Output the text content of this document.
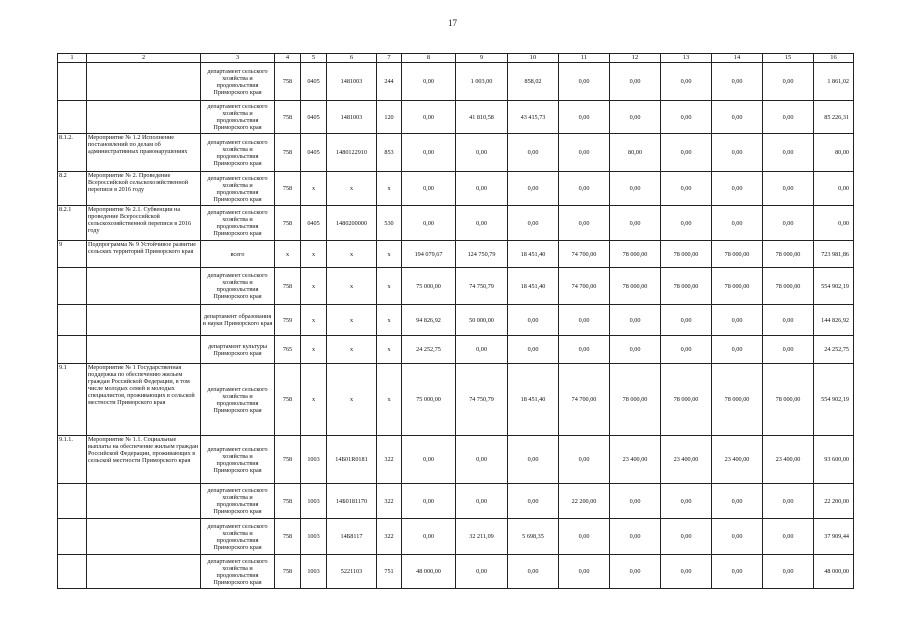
17
1	2	3	4	5	6	7	8	9	10	11	12	13	14	15	16
		департамент сельского хозяйства и продовольствия Приморского края	758	0405	1481003	244	0,00	1 003,00	858,02	0,00	0,00	0,00	0,00	0,00	1 861,02
		департамент сельского хозяйства и продовольствия Приморского края	758	0405	1481003	120	0,00	41 810,58	43 415,73	0,00	0,00	0,00	0,00	0,00	85 226,31
8.1.2.	Мероприятие № 1.2 Исполнение постановлений по делам об административных правонарушениях	департамент сельского хозяйства и продовольствия Приморского края	758	0405	1480122910	853	0,00	0,00	0,00	0,00	80,00	0,00	0,00	0,00	80,00
8.2	Мероприятие № 2. Проведение Всероссийской сельскохозяйственной переписи в 2016 году	департамент сельского хозяйства и продовольствия Приморского края	758	x	x	x	0,00	0,00	0,00	0,00	0,00	0,00	0,00	0,00	0,00
8.2.1	Мероприятие № 2.1. Субвенции на проведение Всероссийской сельскохозяйственной переписи в 2016 году	департамент сельского хозяйства и продовольствия Приморского края	758	0405	1480200000	530	0,00	0,00	0,00	0,00	0,00	0,00	0,00	0,00	0,00
9	Подпрограмма № 9 Устойчивое развитие сельских территорий Приморского края	всего	x	x	x	x	194 079,67	124 750,79	18 451,40	74 700,00	78 000,00	78 000,00	78 000,00	78 000,00	723 981,86
		департамент сельского хозяйства и продовольствия Приморского края	758	x	x	x	75 000,00	74 750,79	18 451,40	74 700,00	78 000,00	78 000,00	78 000,00	78 000,00	554 902,19
		департамент образования и науки Приморского края	759	x	x	x	94 826,92	50 000,00	0,00	0,00	0,00	0,00	0,00	0,00	144 826,92
		департамент культуры Приморского края	765	x	x	x	24 252,75	0,00	0,00	0,00	0,00	0,00	0,00	0,00	24 252,75
9.1	Мероприятие № 1 Государственная поддержка по обеспечению жильем граждан Российской Федерации, в том числе молодых семей и молодых специалистов, проживающих в сельской местности Приморского края	департамент сельского хозяйства и продовольствия Приморского края	758	x	x	x	75 000,00	74 750,79	18 451,40	74 700,00	78 000,00	78 000,00	78 000,00	78 000,00	554 902,19
9.1.1.	Мероприятие № 1.1. Социальные выплаты на обеспечение жильем граждан Российской Федерации, проживающих в сельской местности Приморского края	департамент сельского хозяйства и продовольствия Приморского края	758	1003	14Б01R0181	322	0,00	0,00	0,00	0,00	23 400,00	23 400,00	23 400,00	23 400,00	93 600,00
		департамент сельского хозяйства и продовольствия Приморского края	758	1003	14Б0181170	322	0,00	0,00	0,00	22 200,00	0,00	0,00	0,00	0,00	22 200,00
		департамент сельского хозяйства и продовольствия Приморского края	758	1003	14Б8117	322	0,00	32 211,09	5 698,35	0,00	0,00	0,00	0,00	0,00	37 909,44
		департамент сельского хозяйства и продовольствия Приморского края	758	1003	5221103	751	48 000,00	0,00	0,00	0,00	0,00	0,00	0,00	0,00	48 000,00
